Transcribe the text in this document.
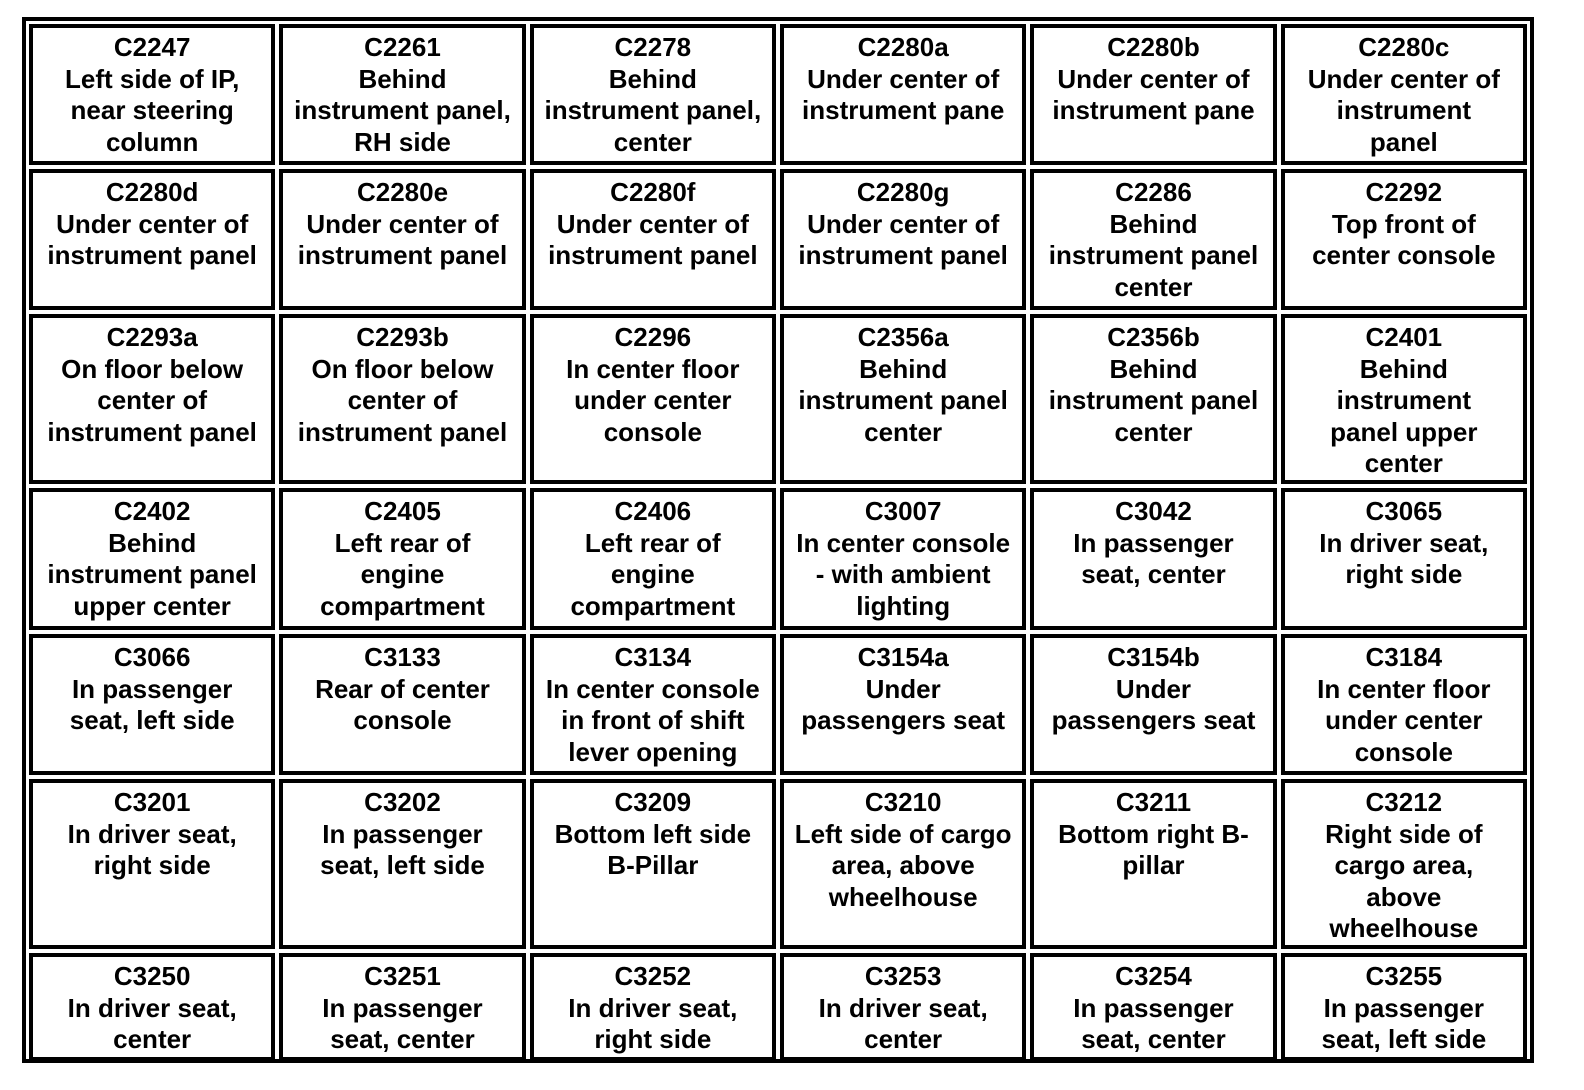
C2247
Left side of IP,
near steering
column
C2261
Behind
instrument panel,
RH side
C2278
Behind
instrument panel,
center
C2280a
Under center of
instrument pane
C2280b
Under center of
instrument pane
C2280c
Under center of
instrument
panel
C2280d
Under center of
instrument panel
C2280e
Under center of
instrument panel
C2280f
Under center of
instrument panel
C2280g
Under center of
instrument panel
C2286
Behind
instrument panel
center
C2292
Top front of
center console
C2293a
On floor below
center of
instrument panel
C2293b
On floor below
center of
instrument panel
C2296
In center floor
under center
console
C2356a
Behind
instrument panel
center
C2356b
Behind
instrument panel
center
C2401
Behind
instrument
panel upper
center
C2402
Behind
instrument panel
upper center
C2405
Left rear of
engine
compartment
C2406
Left rear of
engine
compartment
C3007
In center console
- with ambient
lighting
C3042
In passenger
seat, center
C3065
In driver seat,
right side
C3066
In passenger
seat, left side
C3133
Rear of center
console
C3134
In center console
in front of shift
lever opening
C3154a
Under
passengers seat
C3154b
Under
passengers seat
C3184
In center floor
under center
console
C3201
In driver seat,
right side
C3202
In passenger
seat, left side
C3209
Bottom left side
B-Pillar
C3210
Left side of cargo
area, above
wheelhouse
C3211
Bottom right B-
pillar
C3212
Right side of
cargo area,
above
wheelhouse
C3250
In driver seat,
center
C3251
In passenger
seat, center
C3252
In driver seat,
right side
C3253
In driver seat,
center
C3254
In passenger
seat, center
C3255
In passenger
seat, left side
